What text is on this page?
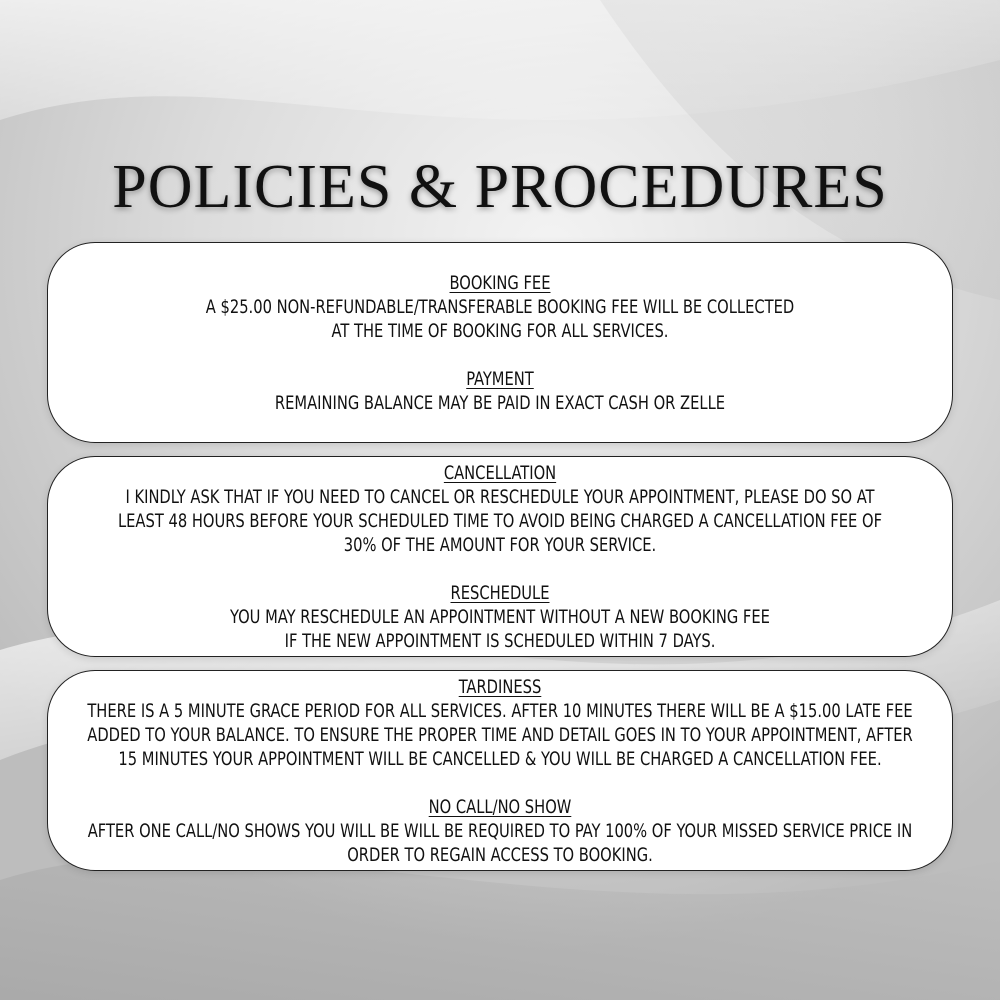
POLICIES & PROCEDURES
BOOKING FEE
A $25.00 NON-REFUNDABLE/TRANSFERABLE BOOKING FEE WILL BE COLLECTED
AT THE TIME OF BOOKING FOR ALL SERVICES.
PAYMENT
REMAINING BALANCE MAY BE PAID IN EXACT CASH OR ZELLE
CANCELLATION
I KINDLY ASK THAT IF YOU NEED TO CANCEL OR RESCHEDULE YOUR APPOINTMENT, PLEASE DO SO AT
LEAST 48 HOURS BEFORE YOUR SCHEDULED TIME TO AVOID BEING CHARGED A CANCELLATION FEE OF
30% OF THE AMOUNT FOR YOUR SERVICE.
RESCHEDULE
YOU MAY RESCHEDULE AN APPOINTMENT WITHOUT A NEW BOOKING FEE
IF THE NEW APPOINTMENT IS SCHEDULED WITHIN 7 DAYS.
TARDINESS
THERE IS A 5 MINUTE GRACE PERIOD FOR ALL SERVICES. AFTER 10 MINUTES THERE WILL BE A $15.00 LATE FEE
ADDED TO YOUR BALANCE. TO ENSURE THE PROPER TIME AND DETAIL GOES IN TO YOUR APPOINTMENT, AFTER
15 MINUTES YOUR APPOINTMENT WILL BE CANCELLED & YOU WILL BE CHARGED A CANCELLATION FEE.
NO CALL/NO SHOW
AFTER ONE CALL/NO SHOWS YOU WILL BE WILL BE REQUIRED TO PAY 100% OF YOUR MISSED SERVICE PRICE IN
ORDER TO REGAIN ACCESS TO BOOKING.
